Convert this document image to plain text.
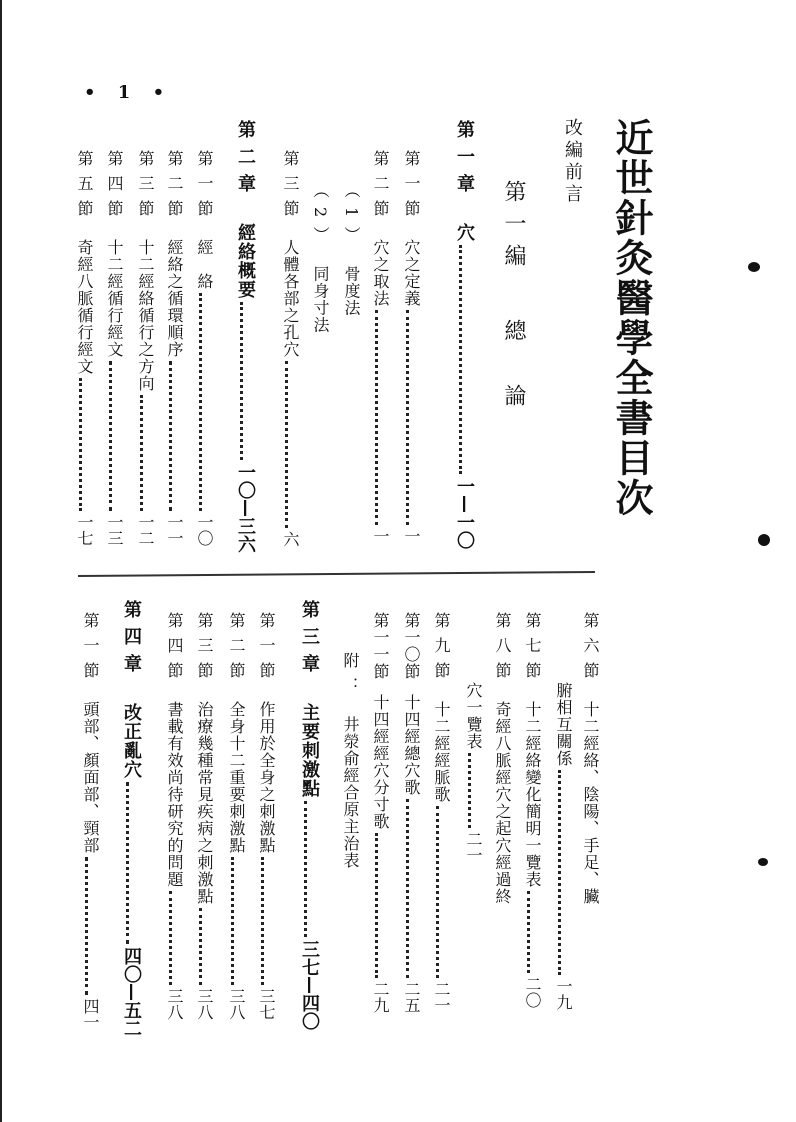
• 1 •
近世針灸醫學全書目次
改編前言
第一編 總 論
第一章穴一—一〇
第一節穴之定義一
第二節穴之取法一
（1）骨度法
（2）同身寸法
第三節人體各部之孔穴六
第二章經絡概要一〇—三六
第一節經　絡一〇
第二節經絡之循環順序一一
第三節十二經絡循行之方向一二
第四節十二經循行經文一三
第五節奇經八脈循行經文一七
第六節十二經絡、陰陽、手足、臟
腑相互關係一九
第七節十二經絡變化簡明一覽表二〇
第八節奇經八脈經穴之起穴經過終
穴一覽表二一
第九節十二經經脈歌二一
第一〇節十四經總穴歌二五
第一一節十四經經穴分寸歌二九
附：井滎俞經合原主治表
第三章主要刺激點三七—四〇
第一節作用於全身之刺激點三七
第二節全身十二重要刺激點三八
第三節治療幾種常見疾病之刺激點三八
第四節書載有效尚待研究的問題三八
第四章改正亂穴四〇—五二
第一節頭部、顏面部、頸部四一
